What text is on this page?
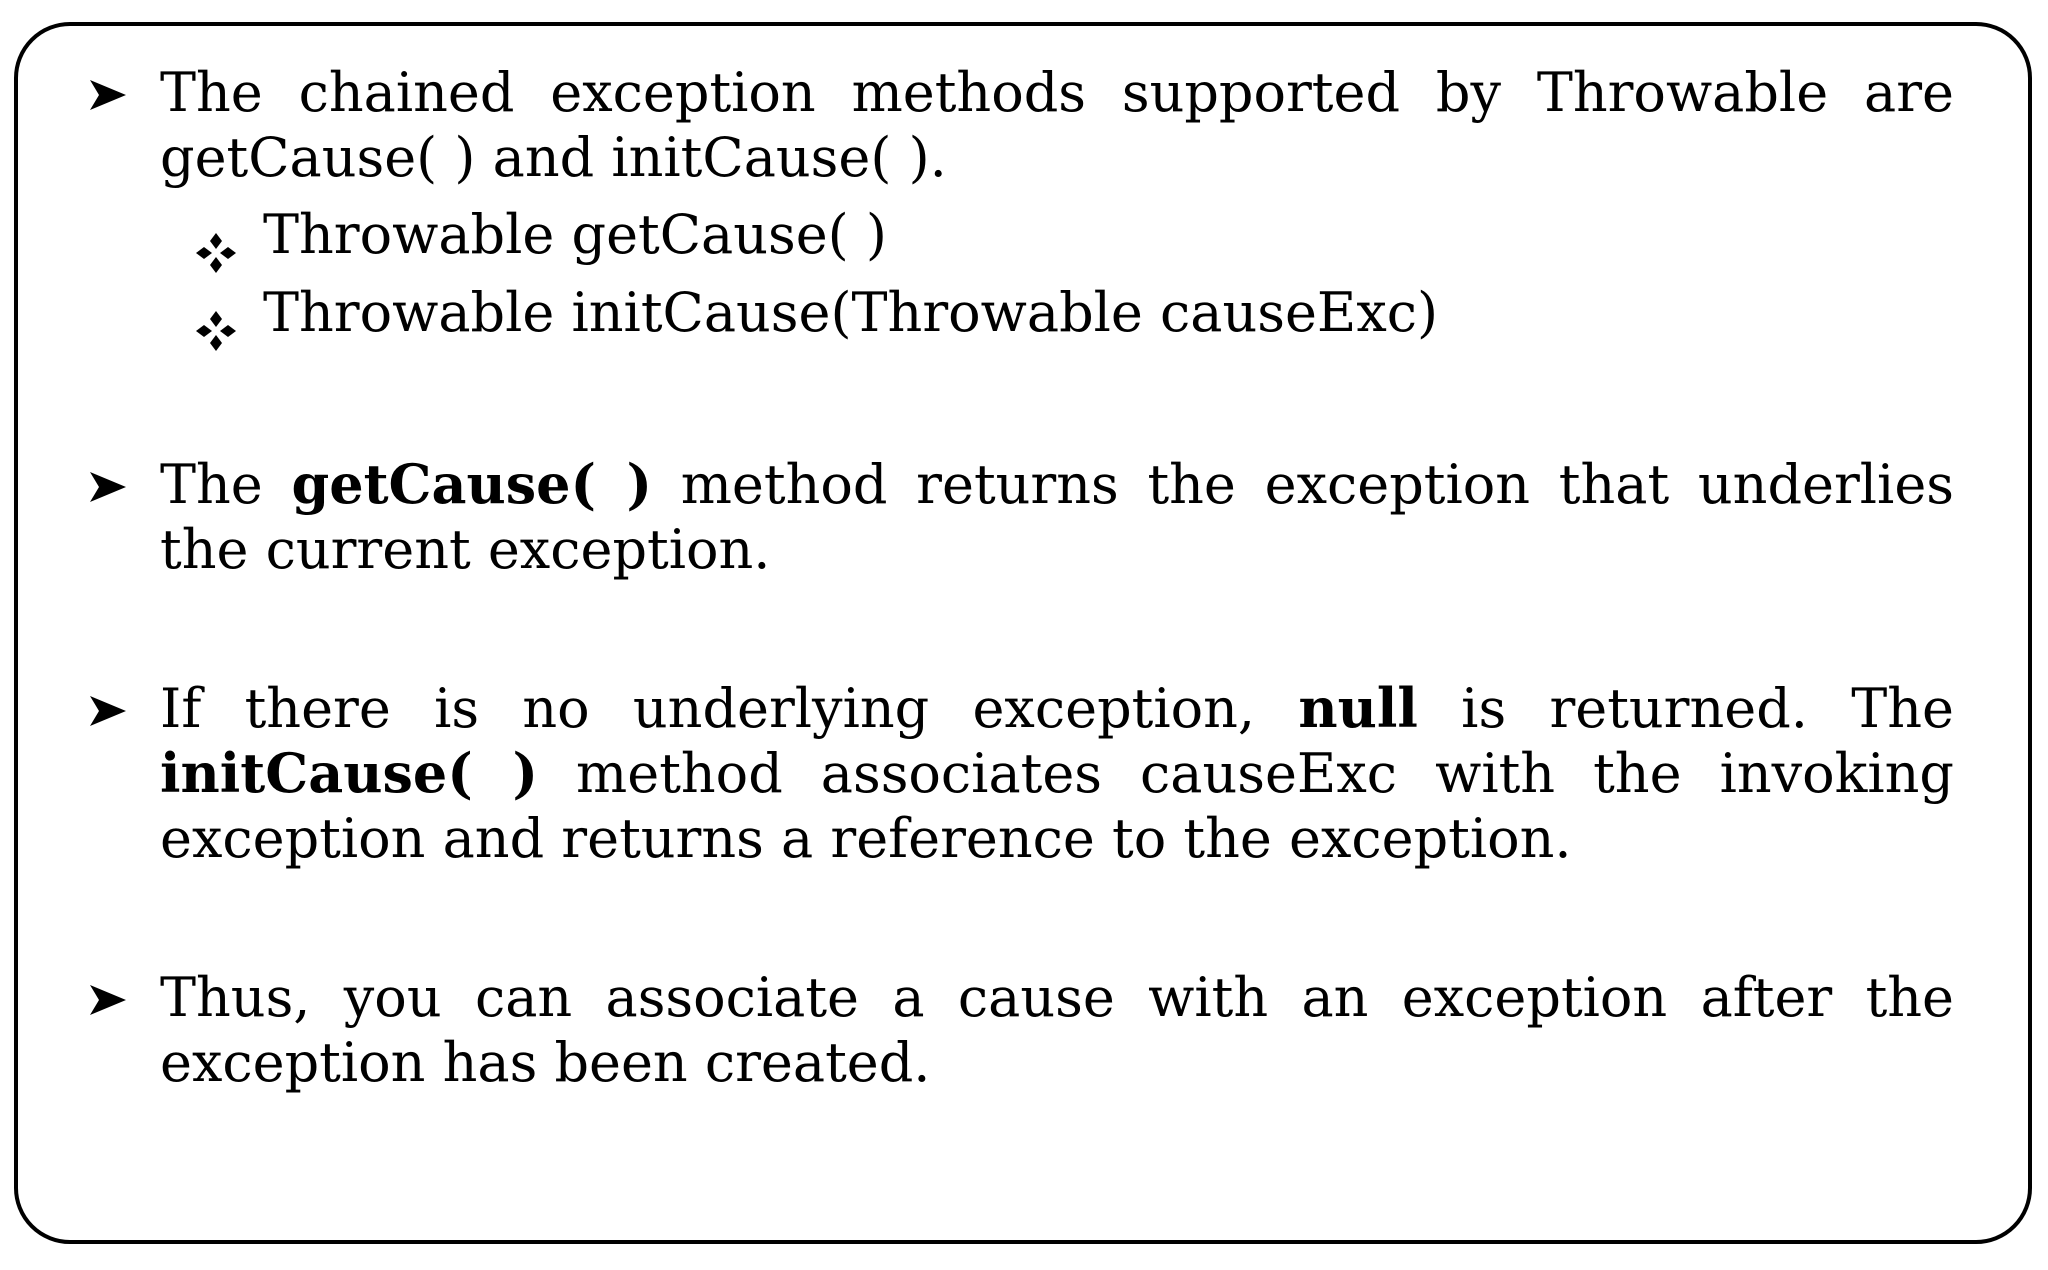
The chained exception methods supported by Throwable are getCause( ) and initCause( ).
Throwable getCause( )
Throwable initCause(Throwable causeExc)
The getCause( ) method returns the exception that underlies the current exception.
If there is no underlying exception, null is returned. The initCause( ) method associates causeExc with the invoking exception and returns a reference to the exception.
Thus, you can associate a cause with an exception after the exception has been created.
